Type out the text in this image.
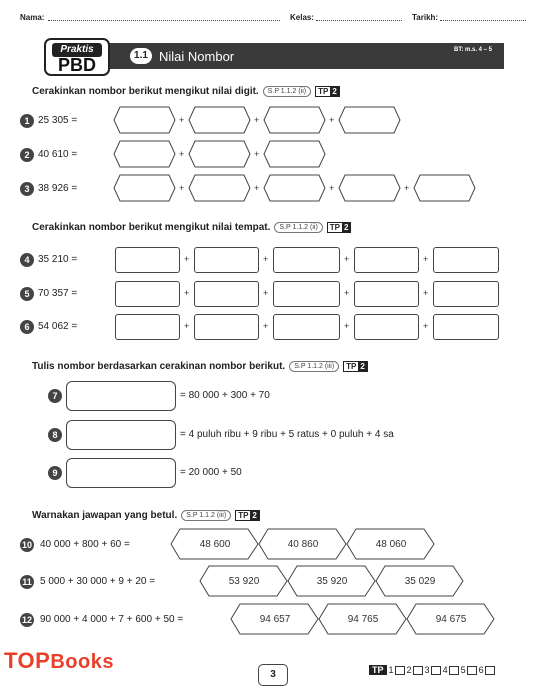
Nama:	Kelas:	Tarikh:
Praktis
PBD	1.1 Nilai Nombor	BT: m.s. 4 – 5
Cerakinkan nombor berikut mengikut nilai digit.	S.P 1.1.2 (ii)	TP 2
1 25 305 =	+	+	+
2 40 610 =	+	+
3 38 926 =	+	+	+	+
Cerakinkan nombor berikut mengikut nilai tempat.	S.P 1.1.2 (ii)	TP 2
4 35 210 =	+	+	+	+
5 70 357 =	+	+	+	+
6 54 062 =	+	+	+	+
Tulis nombor berdasarkan cerakinan nombor berikut.	S.P 1.1.2 (iii)	TP 2
7	= 80 000 + 300 + 70
8	= 4 puluh ribu + 9 ribu + 5 ratus + 0 puluh + 4 sa
9	= 20 000 + 50
Warnakan jawapan yang betul.	S.P 1.1.2 (iii)	TP 2
10 40 000 + 800 + 60 =	48 600	40 860	48 060
11 5 000 + 30 000 + 9 + 20 =	53 920	35 920	35 029
12 90 000 + 4 000 + 7 + 600 + 50 =	94 657	94 765	94 675
TOPBooks
3	TP 1 2 3 4 5 6
